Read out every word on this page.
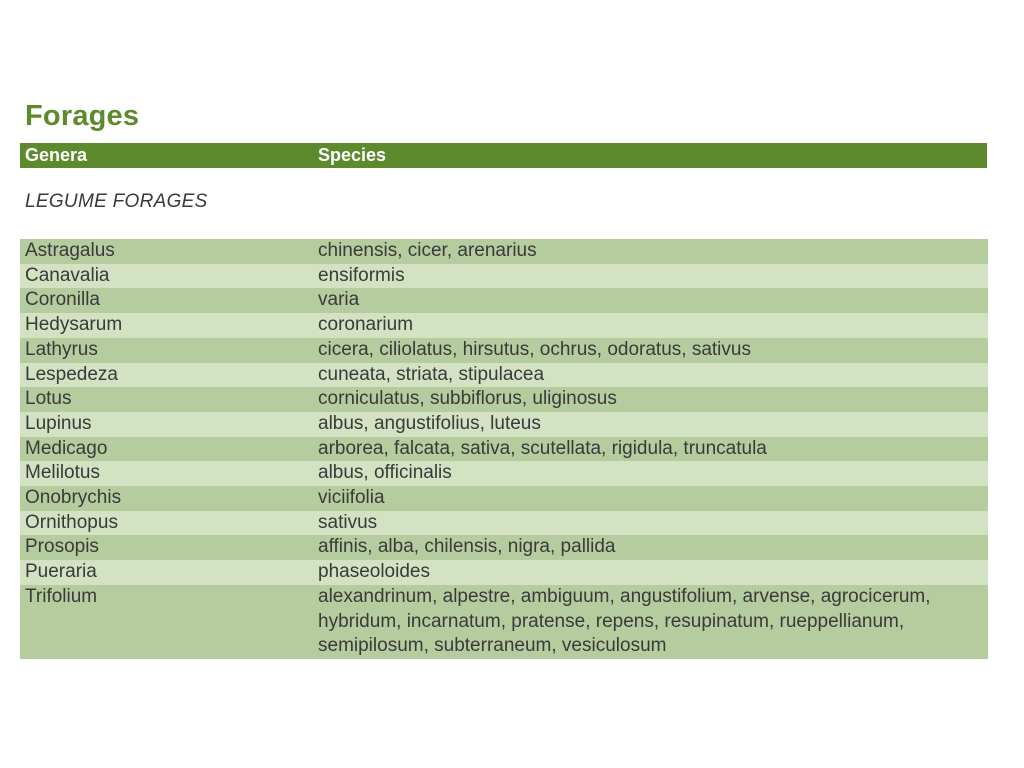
Forages
Genera	Species
LEGUME FORAGES
Astragalus	chinensis, cicer, arenarius
Canavalia	ensiformis
Coronilla	varia
Hedysarum	coronarium
Lathyrus	cicera, ciliolatus, hirsutus, ochrus, odoratus, sativus
Lespedeza	cuneata, striata, stipulacea
Lotus	corniculatus, subbiflorus, uliginosus
Lupinus	albus, angustifolius, luteus
Medicago	arborea, falcata, sativa, scutellata, rigidula, truncatula
Melilotus	albus, officinalis
Onobrychis	viciifolia
Ornithopus	sativus
Prosopis	affinis, alba, chilensis, nigra, pallida
Pueraria	phaseoloides
Trifolium	alexandrinum, alpestre, ambiguum, angustifolium, arvense, agrocicerum, hybridum, incarnatum, pratense, repens, resupinatum, rueppellianum, semipilosum, subterraneum, vesiculosum
